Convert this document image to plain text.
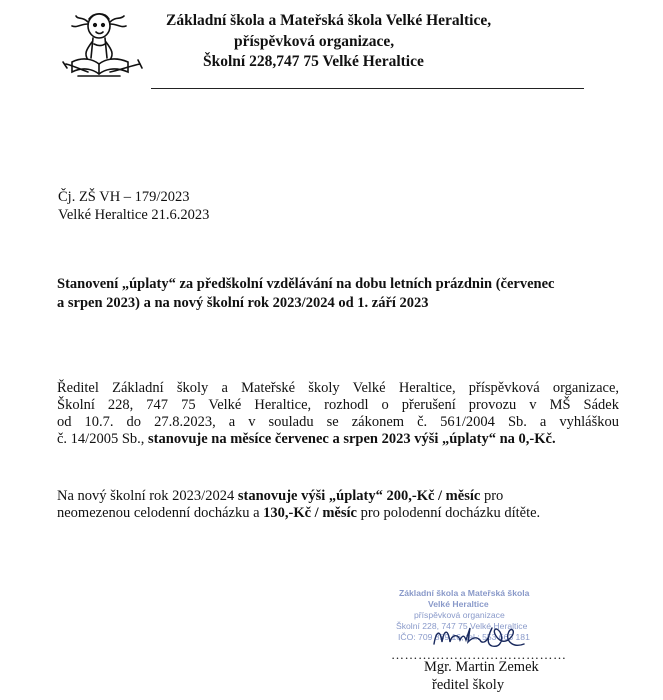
Základní škola a Mateřská škola Velké Heraltice,
příspěvková organizace,
Školní 228,747 75 Velké Heraltice
Čj. ZŠ VH – 179/2023
Velké Heraltice 21.6.2023
Stanovení „úplaty“ za předškolní vzdělávání na dobu letních prázdnin (červenec
a srpen 2023) a na nový školní rok 2023/2024 od 1. září 2023
Ředitel Základní školy a Mateřské školy Velké Heraltice, příspěvková organizace,
Školní 228, 747 75 Velké Heraltice, rozhodl o přerušení provozu v MŠ Sádek
od 10.7. do 27.8.2023, a v souladu se zákonem č. 561/2004 Sb. a vyhláškou
č. 14/2005 Sb., stanovuje na měsíce červenec a srpen 2023 výši „úplaty“ na 0,-Kč.
Na nový školní rok 2023/2024 stanovuje výši „úplaty“ 200,-Kč / měsíc pro
neomezenou celodenní docházku a 130,-Kč / měsíc pro polodenní docházku dítěte.
Základní škola a Mateřská škola
Velké Heraltice
příspěvková organizace
Školní 228, 747 75 Velké Heraltice
IČO: 709 859 16, tel.: 553 663 181
…………………………………
Mgr. Martin Zemek
ředitel školy
